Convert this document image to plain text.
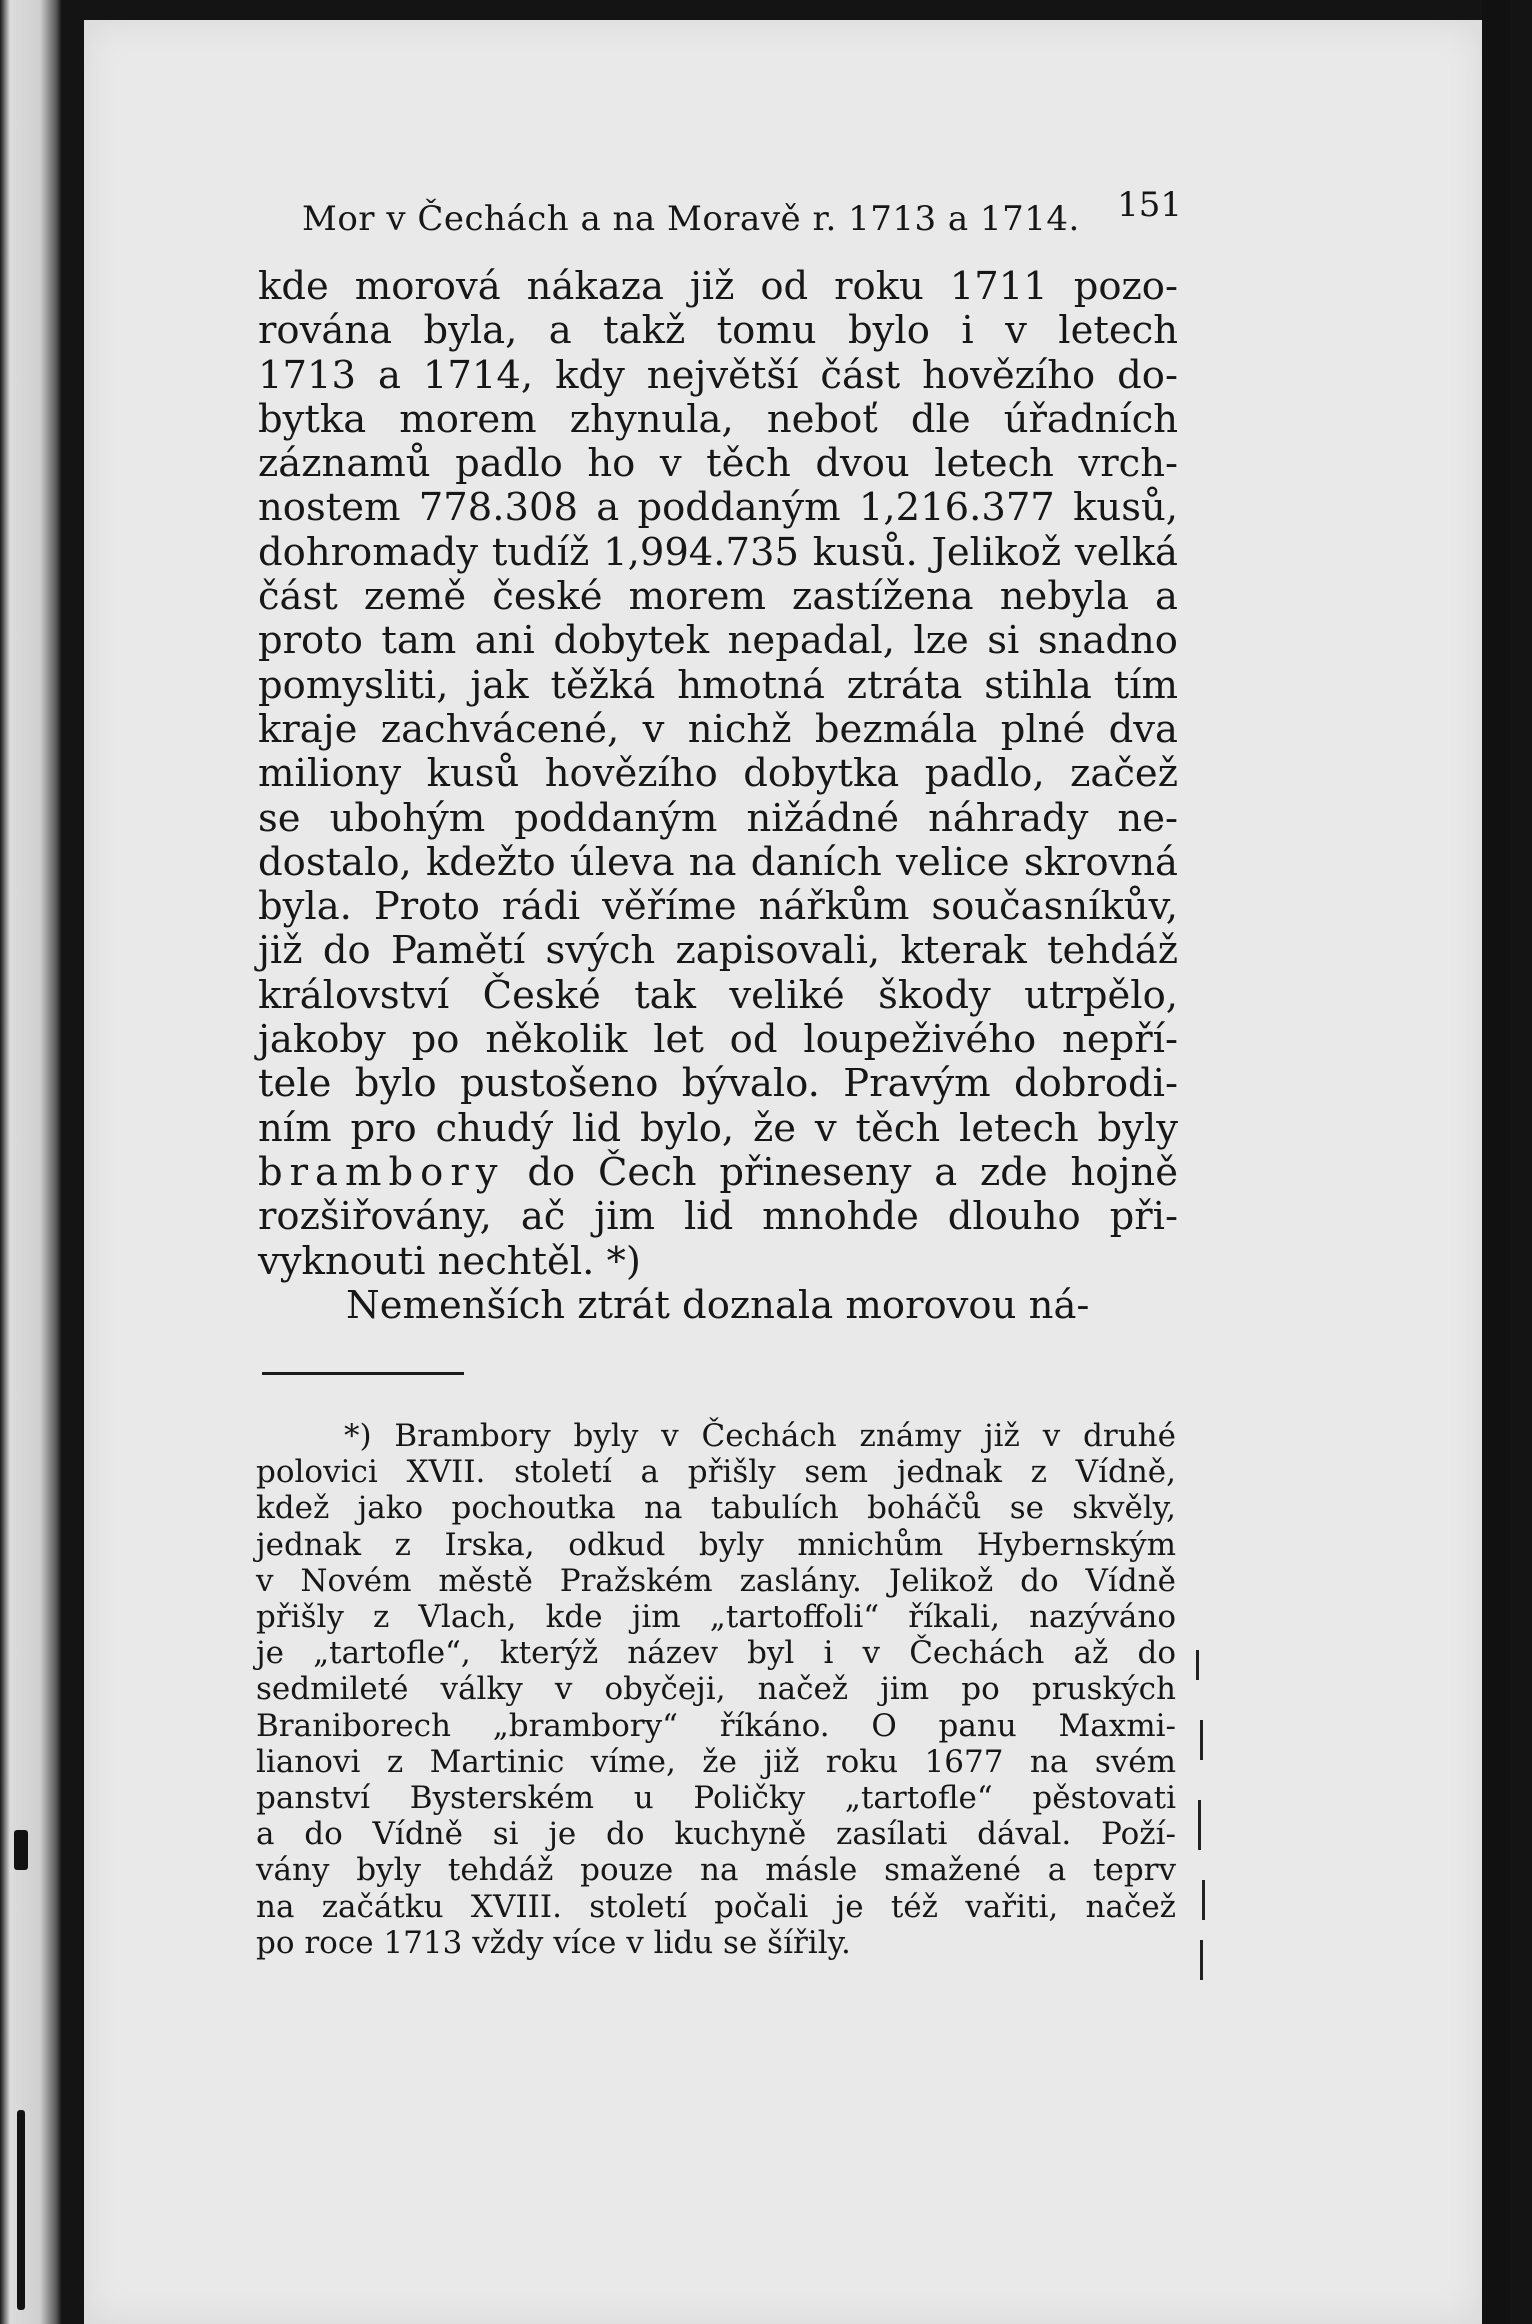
Mor v Čechách a na Moravě r. 1713 a 1714. 151
kde morová nákaza již od roku 1711 pozo-
rována byla, a takž tomu bylo i v letech
1713 a 1714, kdy největší část hovězího do-
bytka morem zhynula, neboť dle úřadních
záznamů padlo ho v těch dvou letech vrch-
nostem 778.308 a poddaným 1,216.377 kusů,
dohromady tudíž 1,994.735 kusů. Jelikož velká
část země české morem zastížena nebyla a
proto tam ani dobytek nepadal, lze si snadno
pomysliti, jak těžká hmotná ztráta stihla tím
kraje zachvácené, v nichž bezmála plné dva
miliony kusů hovězího dobytka padlo, začež
se ubohým poddaným nižádné náhrady ne-
dostalo, kdežto úleva na daních velice skrovná
byla. Proto rádi věříme nářkům současníkův,
již do Pamětí svých zapisovali, kterak tehdáž
království České tak veliké škody utrpělo,
jakoby po několik let od loupeživého nepří-
tele bylo pustošeno bývalo. Pravým dobrodi-
ním pro chudý lid bylo, že v těch letech byly
brambory do Čech přineseny a zde hojně
rozšiřovány, ač jim lid mnohde dlouho při-
vyknouti nechtěl. *)
Nemenších ztrát doznala morovou ná-
*) Brambory byly v Čechách známy již v druhé
polovici XVII. století a přišly sem jednak z Vídně,
kdež jako pochoutka na tabulích boháčů se skvěly,
jednak z Irska, odkud byly mnichům Hybernským
v Novém městě Pražském zaslány. Jelikož do Vídně
přišly z Vlach, kde jim „tartoffoli“ říkali, nazýváno
je „tartofle“, kterýž název byl i v Čechách až do
sedmileté války v obyčeji, načež jim po pruských
Braniborech „brambory“ říkáno. O panu Maxmi-
lianovi z Martinic víme, že již roku 1677 na svém
panství Bysterském u Poličky „tartofle“ pěstovati
a do Vídně si je do kuchyně zasílati dával. Poží-
vány byly tehdáž pouze na másle smažené a teprv
na začátku XVIII. století počali je též vařiti, načež
po roce 1713 vždy více v lidu se šířily.
